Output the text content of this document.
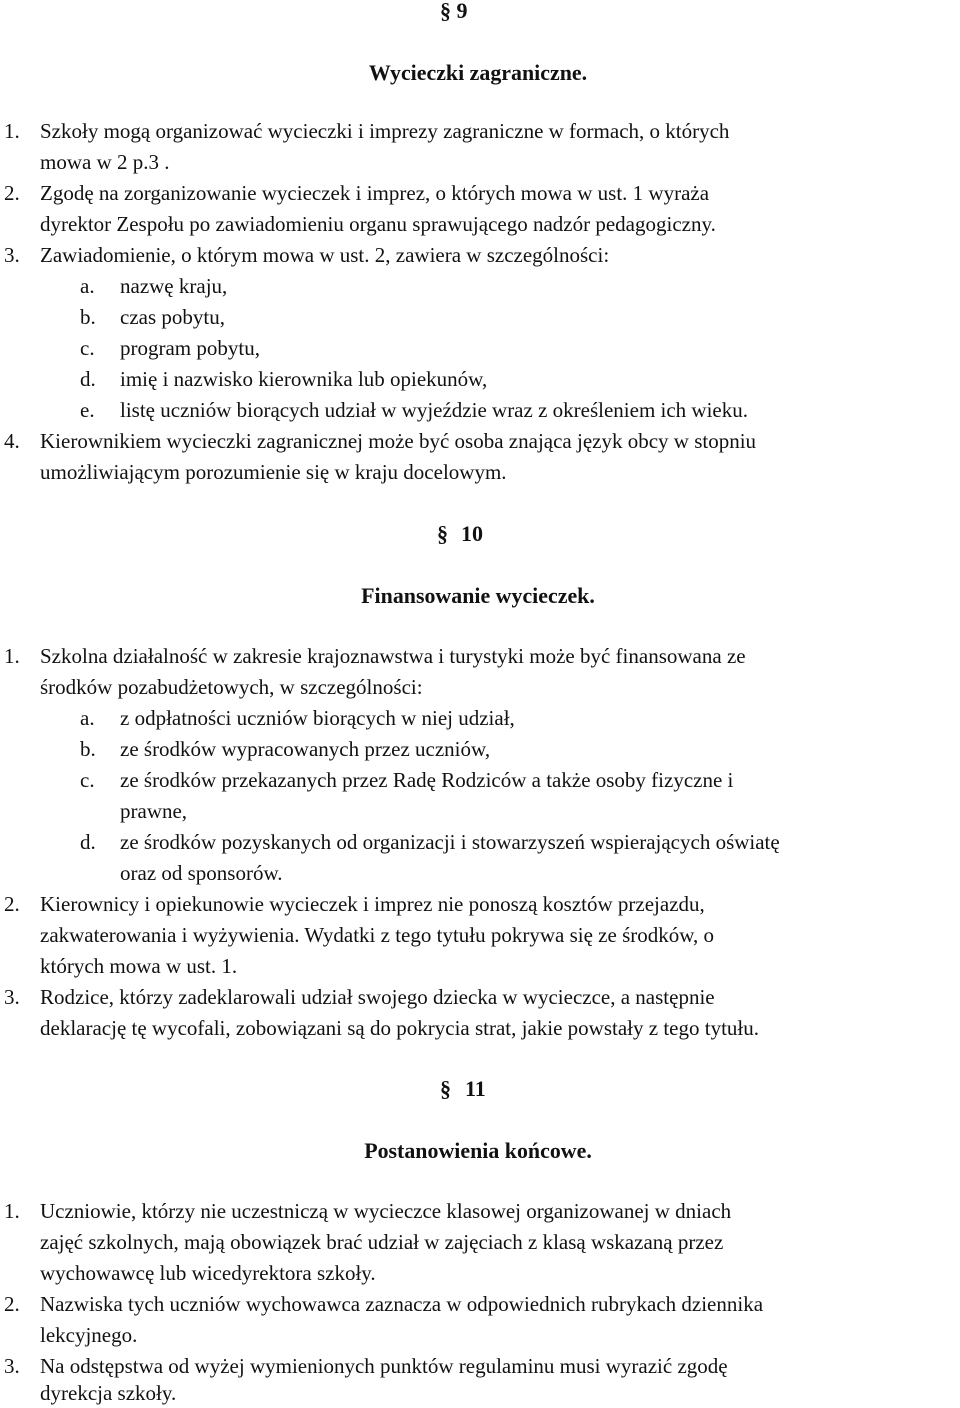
§ 9
Wycieczki zagraniczne.
1. Szkoły mogą organizować wycieczki i imprezy zagraniczne w formach, o których
mowa w 2 p.3 .
2. Zgodę na zorganizowanie wycieczek i imprez, o których mowa w ust. 1 wyraża
dyrektor Zespołu po zawiadomieniu organu sprawującego nadzór pedagogiczny.
3. Zawiadomienie, o którym mowa w ust. 2, zawiera w szczególności:
a. nazwę kraju,
b. czas pobytu,
c. program pobytu,
d. imię i nazwisko kierownika lub opiekunów,
e. listę uczniów biorących udział w wyjeździe wraz z określeniem ich wieku.
4. Kierownikiem wycieczki zagranicznej może być osoba znająca język obcy w stopniu
umożliwiającym porozumienie się w kraju docelowym.
§ 10
Finansowanie wycieczek.
1. Szkolna działalność w zakresie krajoznawstwa i turystyki może być finansowana ze
środków pozabudżetowych, w szczególności:
a. z odpłatności uczniów biorących w niej udział,
b. ze środków wypracowanych przez uczniów,
c. ze środków przekazanych przez Radę Rodziców a także osoby fizyczne i
prawne,
d. ze środków pozyskanych od organizacji i stowarzyszeń wspierających oświatę
oraz od sponsorów.
2. Kierownicy i opiekunowie wycieczek i imprez nie ponoszą kosztów przejazdu,
zakwaterowania i wyżywienia. Wydatki z tego tytułu pokrywa się ze środków, o
których mowa w ust. 1.
3. Rodzice, którzy zadeklarowali udział swojego dziecka w wycieczce, a następnie
deklarację tę wycofali, zobowiązani są do pokrycia strat, jakie powstały z tego tytułu.
§ 11
Postanowienia końcowe.
1. Uczniowie, którzy nie uczestniczą w wycieczce klasowej organizowanej w dniach
zajęć szkolnych, mają obowiązek brać udział w zajęciach z klasą wskazaną przez
wychowawcę lub wicedyrektora szkoły.
2. Nazwiska tych uczniów wychowawca zaznacza w odpowiednich rubrykach dziennika
lekcyjnego.
3. Na odstępstwa od wyżej wymienionych punktów regulaminu musi wyrazić zgodę
dyrekcja szkoły.
